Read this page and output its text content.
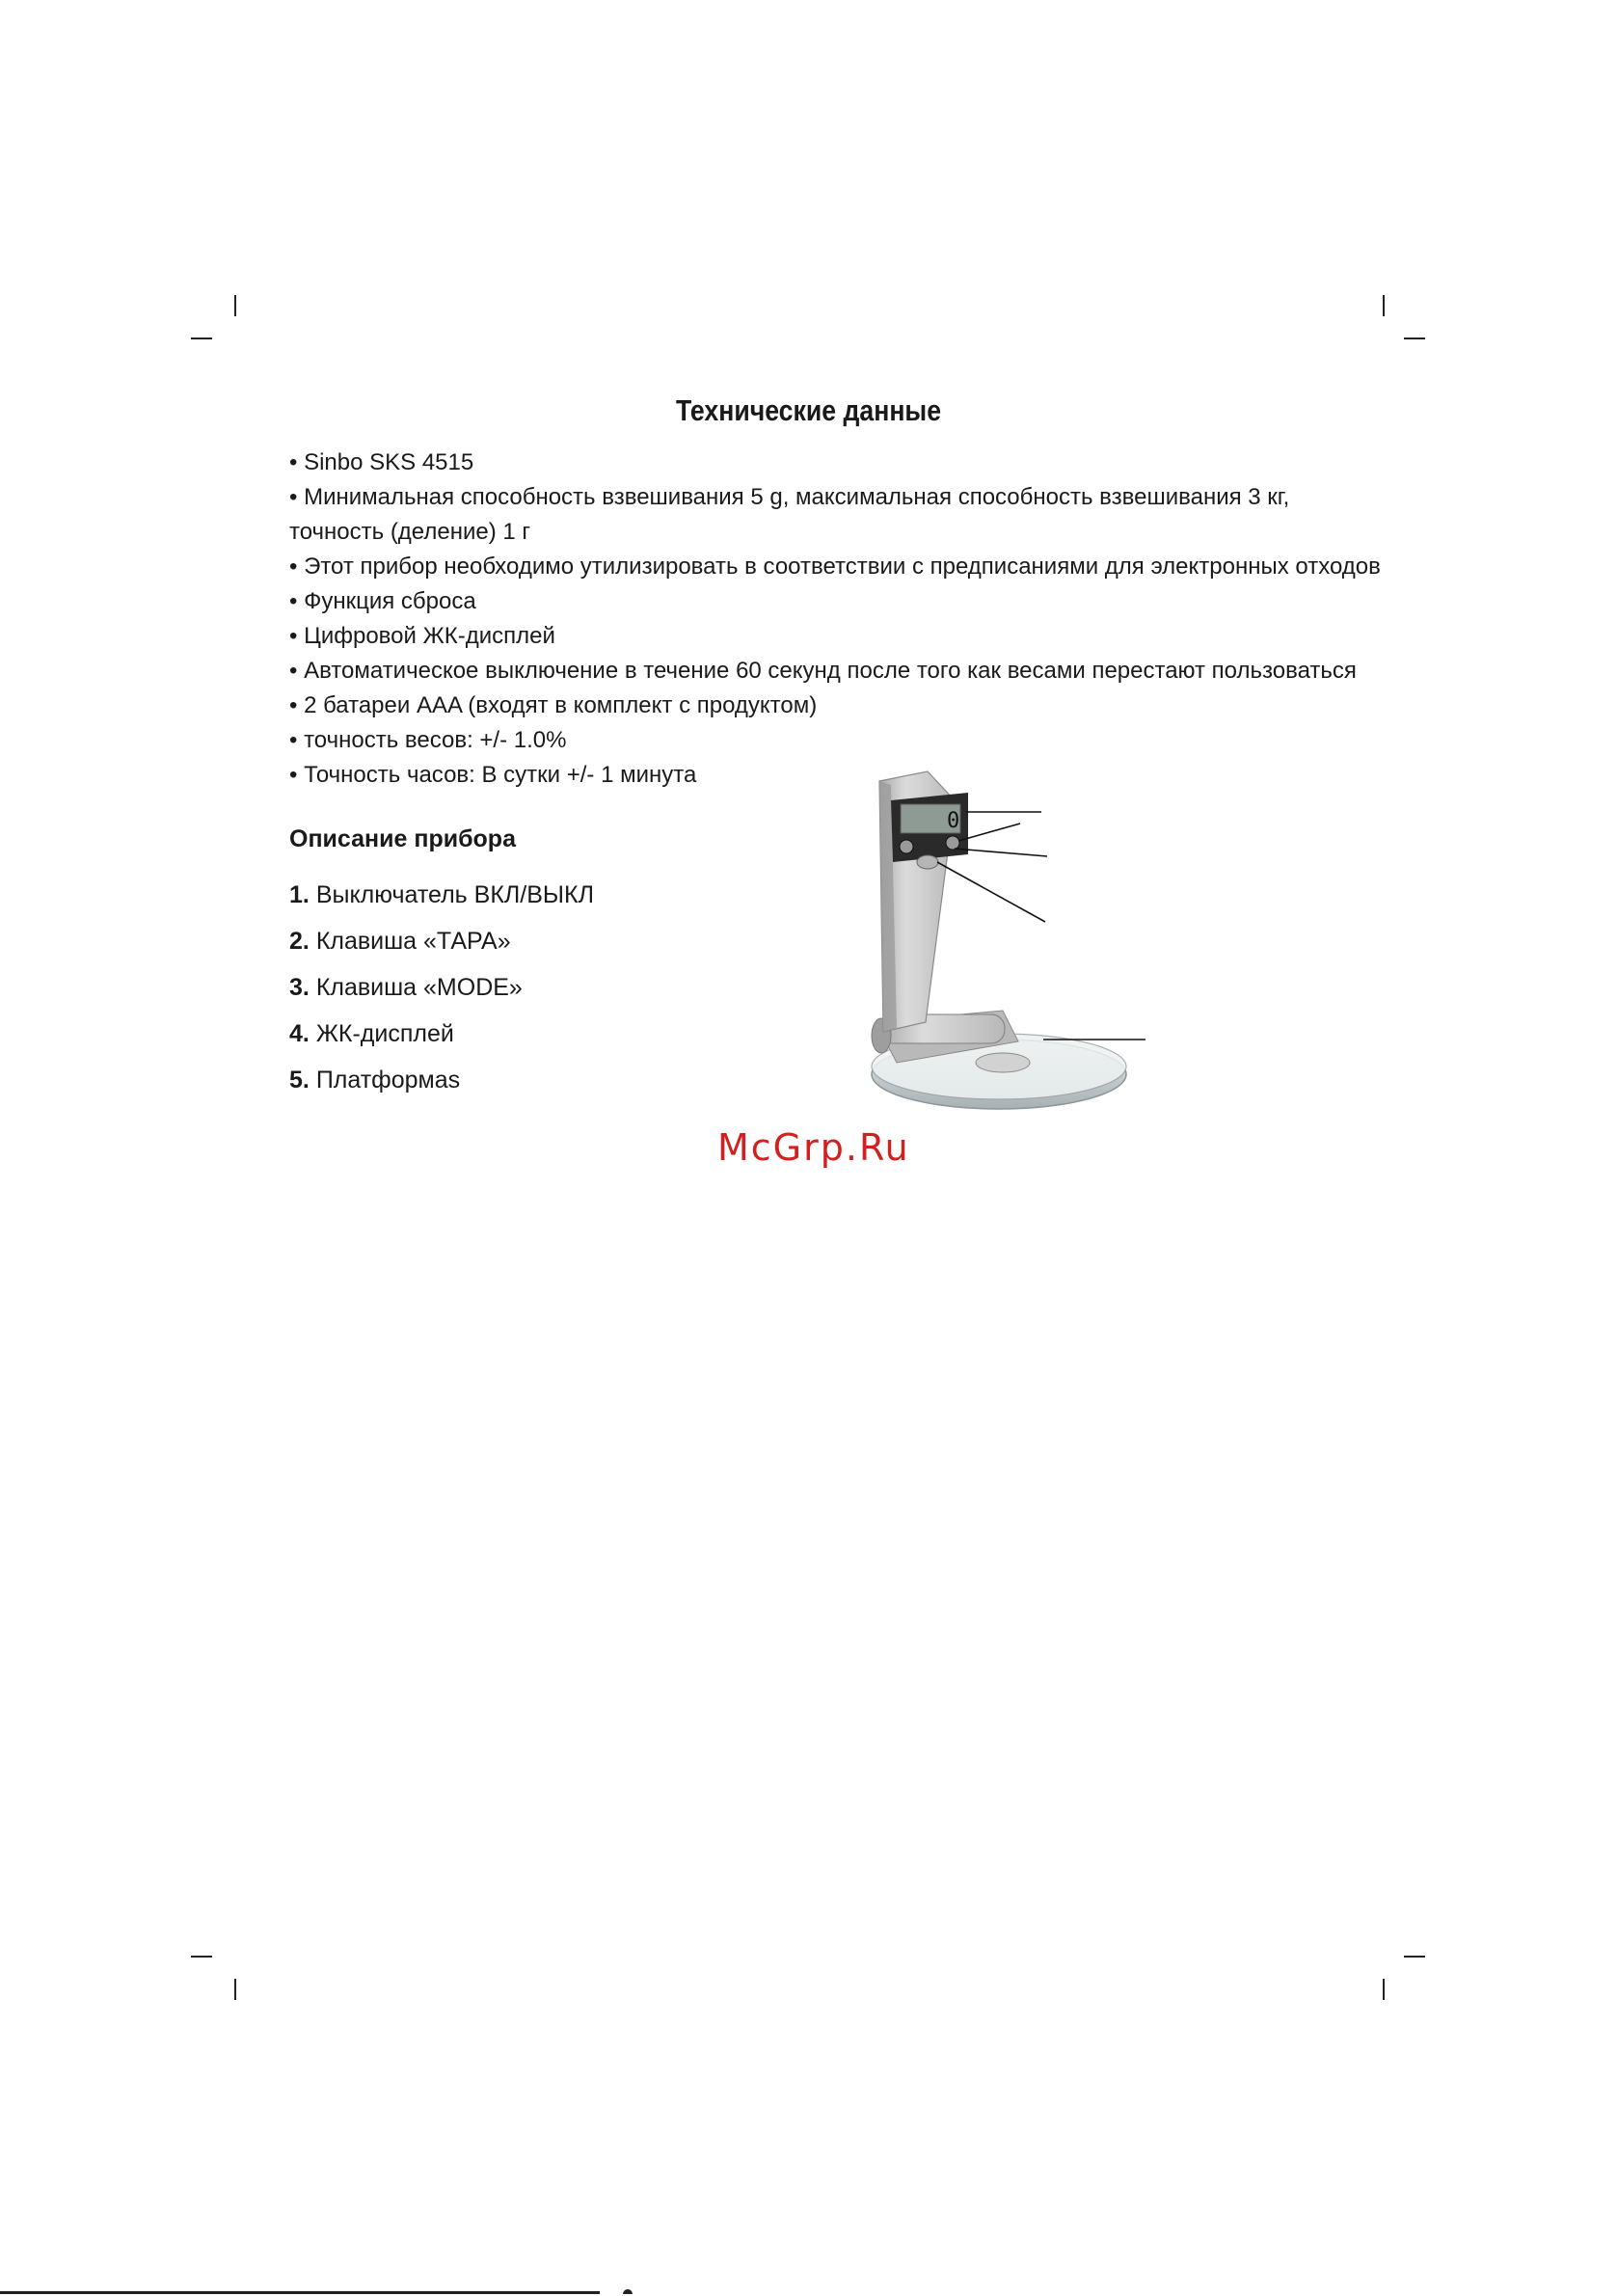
Технические данные
• Sinbo SKS 4515
• Минимальная способность взвешивания 5 g, максимальная способность взвешивания 3 кг, точность (деление) 1 г
• Этот прибор необходимо утилизировать в соответствии с предписаниями для электронных отходов
• Функция сброса
• Цифровой ЖК-дисплей
• Автоматическое выключение в течение 60 секунд после того как весами перестают пользоваться
• 2 батареи AAA (входят в комплект с продуктом)
• точность весов: +/- 1.0%
• Точность часов: В сутки +/- 1 минута
Описание прибора
1. Выключатель ВКЛ/ВЫКЛ
2. Клавиша «ТАРА»
3. Клавиша «MODE»
4. ЖК-дисплей
5. Платформаs
0
McGrp.Ru
